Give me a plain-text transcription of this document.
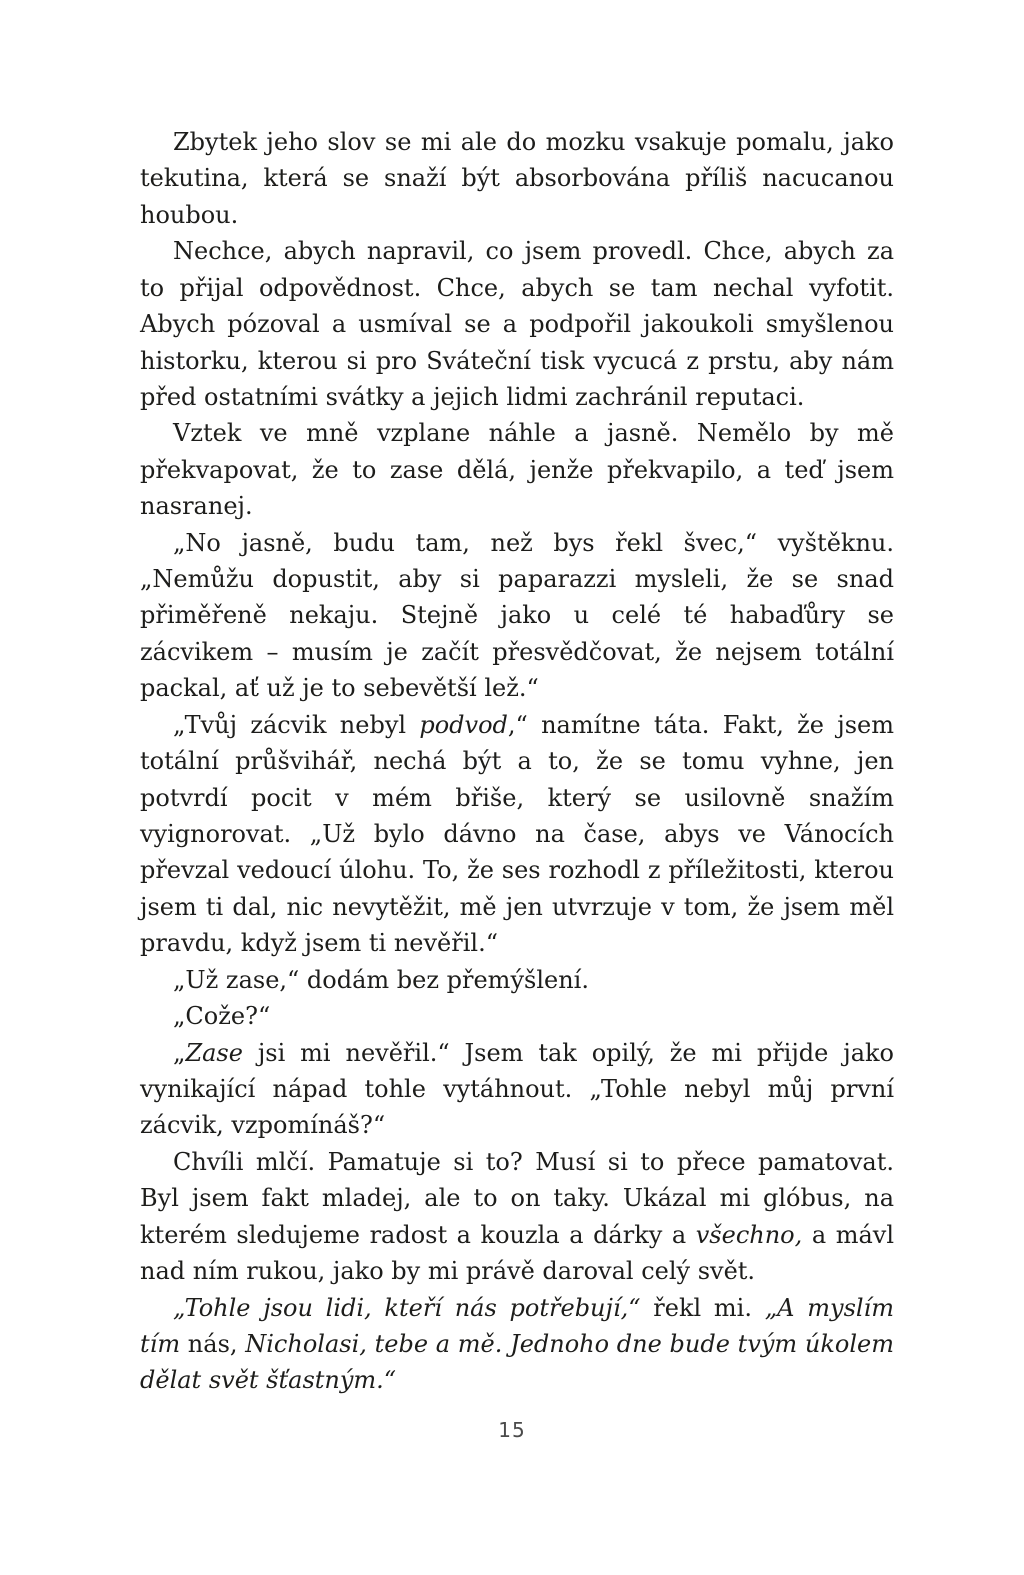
Zbytek jeho slov se mi ale do mozku vsakuje pomalu, jako tekutina, která se snaží být absorbována příliš nacucanou houbou.

Nechce, abych napravil, co jsem provedl. Chce, abych za to přijal odpovědnost. Chce, abych se tam nechal vyfotit. Abych pózoval a usmíval se a podpořil jakoukoli smyšlenou historku, kterou si pro Sváteční tisk vycucá z prstu, aby nám před ostatními svátky a jejich lidmi zachránil reputaci.

Vztek ve mně vzplane náhle a jasně. Nemělo by mě překvapovat, že to zase dělá, jenže překvapilo, a teď jsem nasranej.

„No jasně, budu tam, než bys řekl švec,“ vyštěknu. „Nemůžu dopustit, aby si paparazzi mysleli, že se snad přiměřeně nekaju. Stejně jako u celé té habaďůry se zácvikem – musím je začít přesvědčovat, že nejsem totální packal, ať už je to sebevětší lež.“

„Tvůj zácvik nebyl podvod,“ namítne táta. Fakt, že jsem totální průšvihář, nechá být a to, že se tomu vyhne, jen potvrdí pocit v mém břiše, který se usilovně snažím vyignorovat. „Už bylo dávno na čase, abys ve Vánocích převzal vedoucí úlohu. To, že ses rozhodl z příležitosti, kterou jsem ti dal, nic nevytěžit, mě jen utvrzuje v tom, že jsem měl pravdu, když jsem ti nevěřil.“

„Už zase,“ dodám bez přemýšlení.

„Cože?“

„Zase jsi mi nevěřil.“ Jsem tak opilý, že mi přijde jako vynikající nápad tohle vytáhnout. „Tohle nebyl můj první zácvik, vzpomínáš?“

Chvíli mlčí. Pamatuje si to? Musí si to přece pamatovat. Byl jsem fakt mladej, ale to on taky. Ukázal mi glóbus, na kterém sledujeme radost a kouzla a dárky a všechno, a mávl nad ním rukou, jako by mi právě daroval celý svět.

„Tohle jsou lidi, kteří nás potřebují,“ řekl mi. „A myslím tím nás, Nicholasi, tebe a mě. Jednoho dne bude tvým úkolem dělat svět šťastným.“

15
